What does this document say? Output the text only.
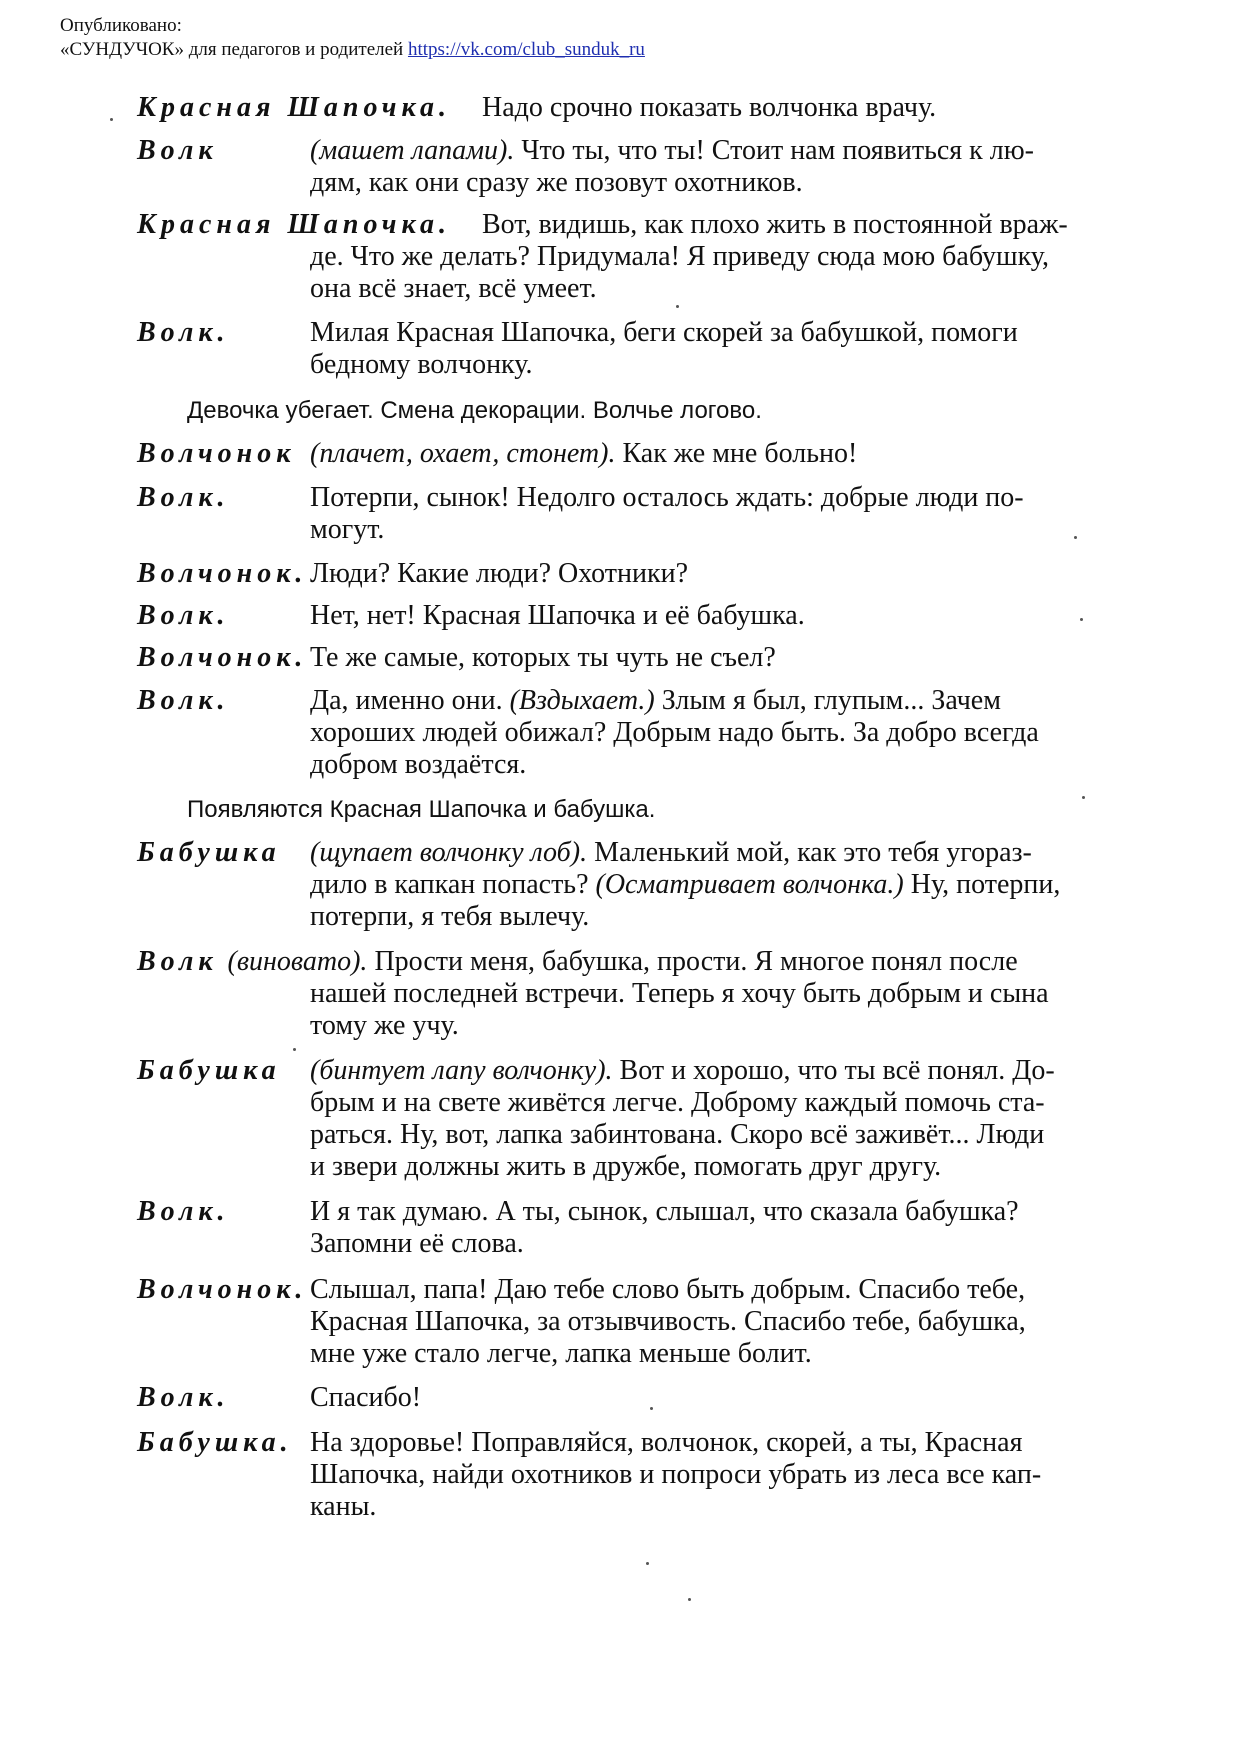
Опубликовано:
«СУНДУЧОК» для педагогов и родителей https://vk.com/club_sunduk_ru
Красная Шапочка. Надо срочно показать волчонка врачу.
Волк	(машет лапами). Что ты, что ты! Стоит нам появиться к лю-
дям, как они сразу же позовут охотников.
Красная Шапочка. Вот, видишь, как плохо жить в постоянной враж-
де. Что же делать? Придумала! Я приведу сюда мою бабушку,
она всё знает, всё умеет.
Волк.	Милая Красная Шапочка, беги скорей за бабушкой, помоги
бедному волчонку.
Девочка убегает. Смена декорации. Волчье логово.
Волчонок (плачет, охает, стонет). Как же мне больно!
Волк.	Потерпи, сынок! Недолго осталось ждать: добрые люди по-
могут.
Волчонок. Люди? Какие люди? Охотники?
Волк.	Нет, нет! Красная Шапочка и её бабушка.
Волчонок. Те же самые, которых ты чуть не съел?
Волк.	Да, именно они. (Вздыхает.) Злым я был, глупым... Зачем
хороших людей обижал? Добрым надо быть. За добро всегда
добром воздаётся.
Появляются Красная Шапочка и бабушка.
Бабушка (щупает волчонку лоб). Маленький мой, как это тебя угораз-
дило в капкан попасть? (Осматривает волчонка.) Ну, потерпи,
потерпи, я тебя вылечу.
Волк (виновато). Прости меня, бабушка, прости. Я многое понял после
нашей последней встречи. Теперь я хочу быть добрым и сына
тому же учу.
Бабушка (бинтует лапу волчонку). Вот и хорошо, что ты всё понял. До-
брым и на свете живётся легче. Доброму каждый помочь ста-
раться. Ну, вот, лапка забинтована. Скоро всё заживёт... Люди
и звери должны жить в дружбе, помогать друг другу.
Волк.	И я так думаю. А ты, сынок, слышал, что сказала бабушка?
Запомни её слова.
Волчонок. Слышал, папа! Даю тебе слово быть добрым. Спасибо тебе,
Красная Шапочка, за отзывчивость. Спасибо тебе, бабушка,
мне уже стало легче, лапка меньше болит.
Волк.	Спасибо!
Бабушка. На здоровье! Поправляйся, волчонок, скорей, а ты, Красная
Шапочка, найди охотников и попроси убрать из леса все кап-
каны.
